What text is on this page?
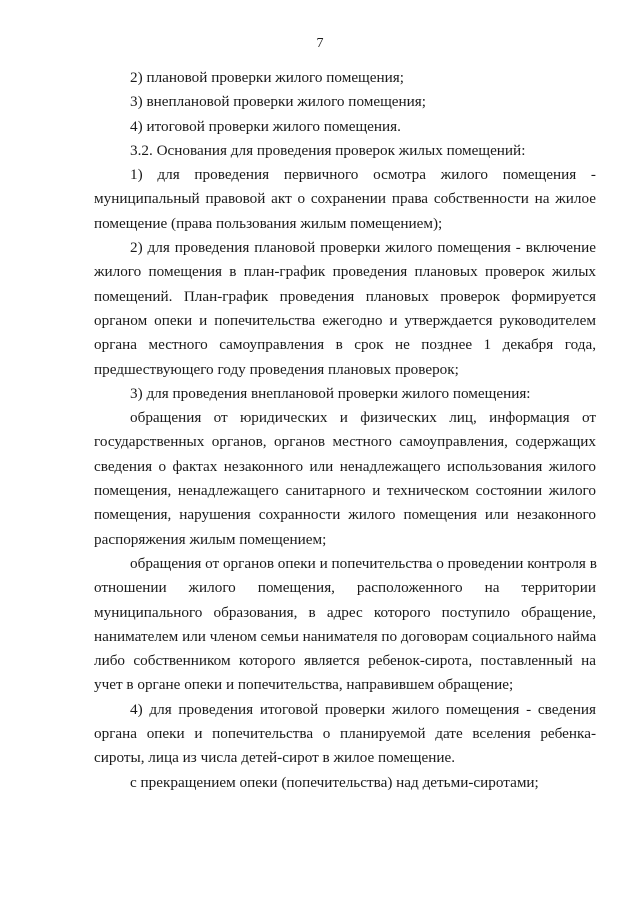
7
2) плановой проверки жилого помещения;
3) внеплановой проверки жилого помещения;
4) итоговой проверки жилого помещения.
3.2. Основания для проведения проверок жилых помещений:
1) для проведения первичного осмотра жилого помещения -
муниципальный правовой акт о сохранении права собственности на жилое
помещение (права пользования жилым помещением);
2) для проведения плановой проверки жилого помещения - включение
жилого помещения в план-график проведения плановых проверок жилых
помещений. План-график проведения плановых проверок формируется
органом опеки и попечительства ежегодно и утверждается руководителем
органа местного самоуправления в срок не позднее 1 декабря года,
предшествующего году проведения плановых проверок;
3) для проведения внеплановой проверки жилого помещения:
обращения от юридических и физических лиц, информация от
государственных органов, органов местного самоуправления, содержащих
сведения о фактах незаконного или ненадлежащего использования жилого
помещения, ненадлежащего санитарного и техническом состоянии жилого
помещения, нарушения сохранности жилого помещения или незаконного
распоряжения жилым помещением;
обращения от органов опеки и попечительства о проведении контроля в
отношении жилого помещения, расположенного на территории
муниципального образования, в адрес которого поступило обращение,
нанимателем или членом семьи нанимателя по договорам социального найма
либо собственником которого является ребенок-сирота, поставленный на
учет в органе опеки и попечительства, направившем обращение;
4) для проведения итоговой проверки жилого помещения - сведения
органа опеки и попечительства о планируемой дате вселения ребенка-
сироты, лица из числа детей-сирот в жилое помещение.
с прекращением опеки (попечительства) над детьми-сиротами;
